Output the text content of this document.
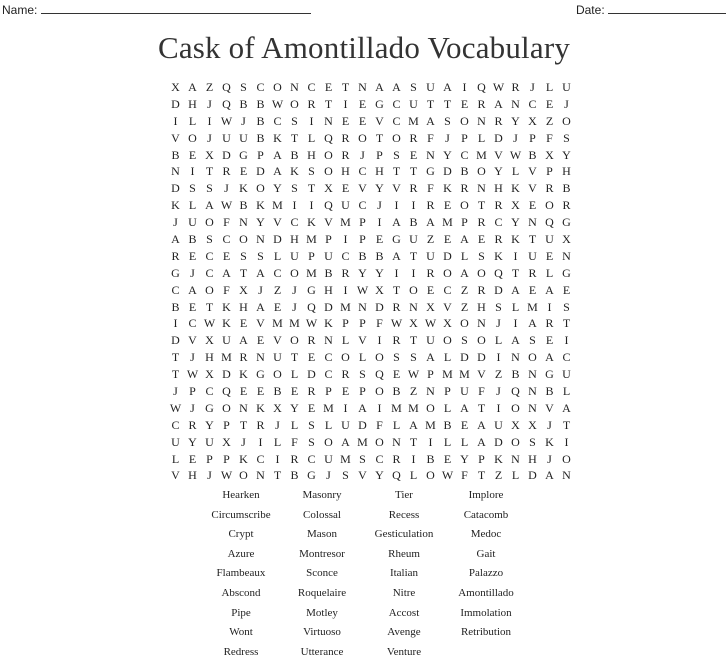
Name:	Date:
Cask of Amontillado Vocabulary
X A Z Q S C O N C E T N A A S U A I Q W R J L U
D H J Q B B W O R T I E G C U T T E R A N C E J
I L I W J B C S I N E E V C M A S O N R Y X Z O
V O J U U B K T L Q R O T O R F J P L D J P F S
B E X D G P A B H O R J P S E N Y C M V W B X Y
N I T R E D A K S O H C H T T G D B O Y L V P H
D S S J K O Y S T X E V Y V R F K R N H K V R B
K L A W B K M I	I Q U C J	I	I R E O T R X E O R
J U O F N Y V C K V M P I A B A M P R C Y N Q G
A B S C O N D H M P I P E G U Z E A E R K T U X
R E C E S S L U P U C B B A T U D L S K I U E N
G J C A T A C O M B R Y Y I	I R O A O Q T R L G
C A O F X J Z J G H I W X T O E C Z R D A E A E
B E T K H A E J Q D M N D R N X V Z H S L M I S
I C W K E V M M W K P P F W X W X O N J	I A R T
D V X U A E V O R N L V I R T U O S O L A S E I
T J H M R N U T E C O L O S S A L D D I N O A C
T W X D K G O L D C R S Q E W P M M V Z B N G U
J P C Q E E B E R P E P O B Z N P U F J Q N B L
W J G O N K X Y E M I A I M M O L A T I O N V A
C R Y P T R J L S L U D F L A M B E A U X X J T
U Y U X J	I L F S O A M O N T I L L A D O S K I
L E P P K C I R C U M S C R I B E Y P K N H J O
V H J W O N T B G J S V Y Q L O W F T Z L D A N
Hearken	Masonry	Tier	Implore
Circumscribe	Colossal	Recess	Catacomb
Crypt	Mason	Gesticulation	Medoc
Azure	Montresor	Rheum	Gait
Flambeaux	Sconce	Italian	Palazzo
Abscond	Roquelaire	Nitre	Amontillado
Pipe	Motley	Accost	Immolation
Wont	Virtuoso	Avenge	Retribution
Redress	Utterance	Venture
